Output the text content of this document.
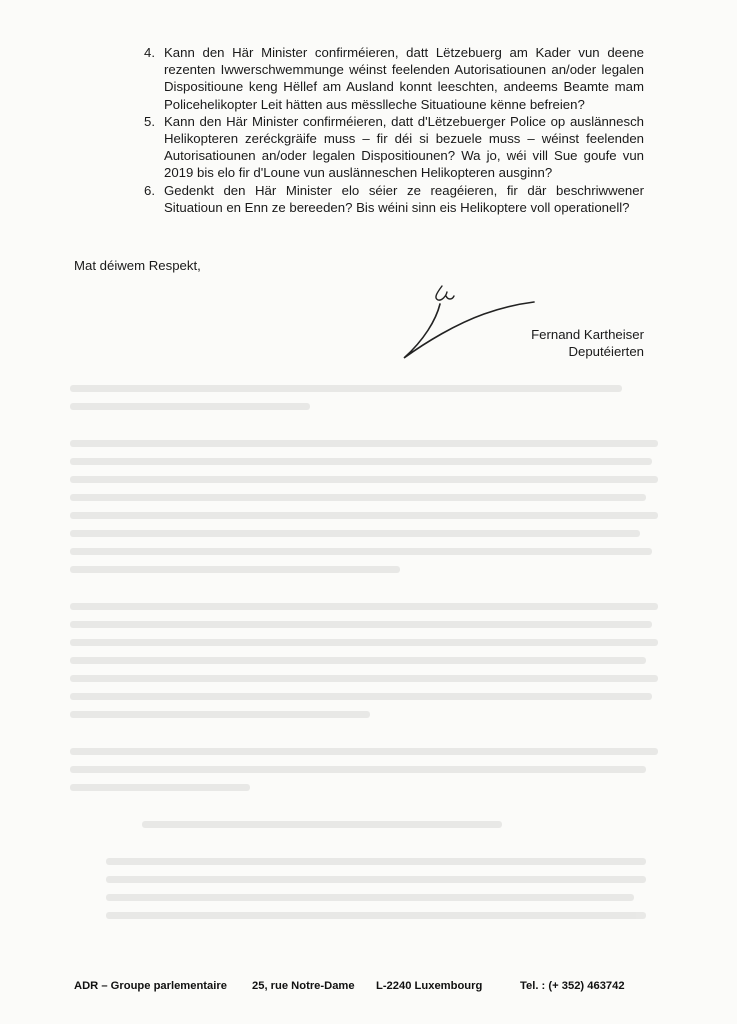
4. Kann den Här Minister confirméieren, datt Lëtzebuerg am Kader vun deene rezenten Iwwerschwemmunge wéinst feelenden Autorisatiounen an/oder legalen Dispositioune keng Hëllef am Ausland konnt leeschten, andeems Beamte mam Policehelikopter Leit hätten aus mësslleche Situatioune kënne befreien?
5. Kann den Här Minister confirméieren, datt d'Lëtzebuerger Police op auslännesch Helikopteren zeréckgräife muss – fir déi si bezuele muss – wéinst feelenden Autorisatiounen an/oder legalen Dispositiounen? Wa jo, wéi vill Sue goufe vun 2019 bis elo fir d'Loune vun auslänneschen Helikopteren ausginn?
6. Gedenkt den Här Minister elo séier ze reagéieren, fir där beschriwwener Situatioun en Enn ze bereeden? Bis wéini sinn eis Helikoptere voll operationell?
Mat déiwem Respekt,
Fernand Kartheiser
Deputéierten
ADR – Groupe parlementaire 25, rue Notre-Dame L-2240 Luxembourg	Tel. : (+ 352) 463742
